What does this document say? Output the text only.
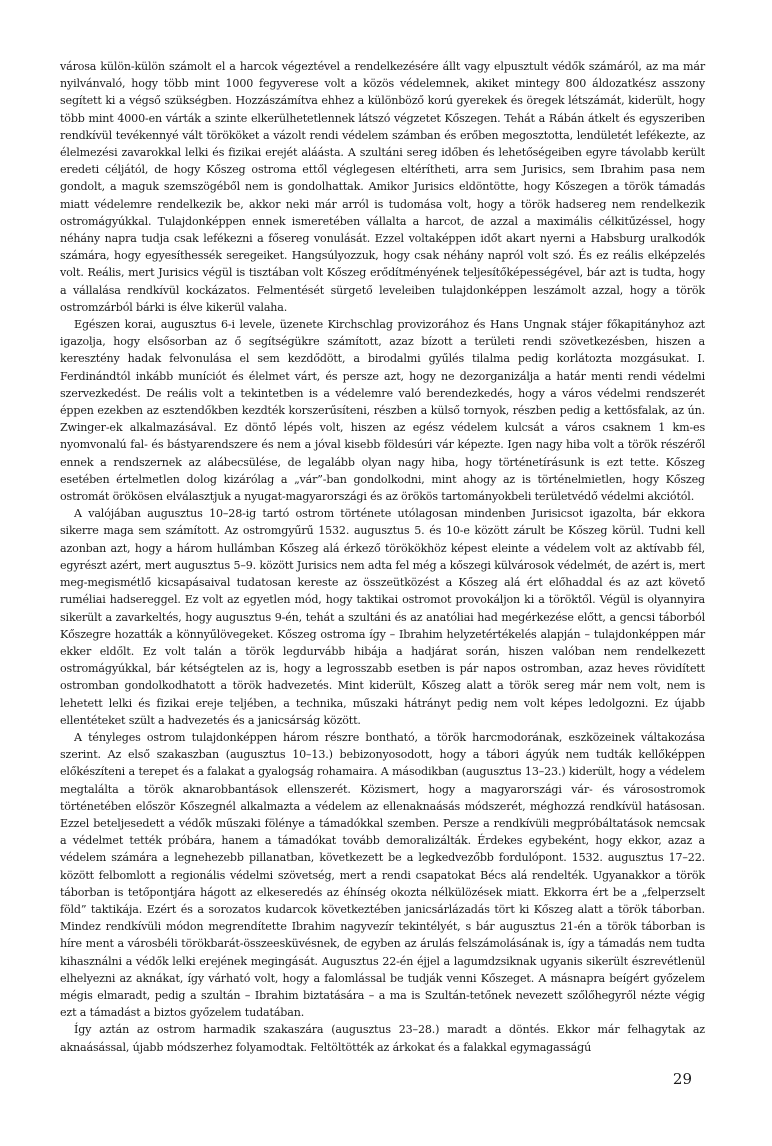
városa külön-külön számolt el a harcok végeztével a rendelkezésére állt vagy elpusztult védők számáról, az ma már nyilvánvaló, hogy több mint 1000 fegyverese volt a közös védelemnek, akiket mintegy 800 áldozatkész asszony segített ki a végső szükségben. Hozzászámítva ehhez a különböző korú gyerekek és öregek létszámát, kiderült, hogy több mint 4000-en várták a szinte elkerülhetetlennek látszó végzetet Kőszegen. Tehát a Rábán átkelt és egyszeriben rendkívül tevékennyé vált törököket a vázolt rendi védelem számban és erőben megosztotta, lendületét lefékezte, az élelmezési zavarokkal lelki és fizikai erejét aláásta. A szultáni sereg időben és lehetőségeiben egyre távolabb került eredeti céljától, de hogy Kőszeg ostroma ettől véglegesen eltérítheti, arra sem Jurisics, sem Ibrahim pasa nem gondolt, a maguk szemszögéből nem is gondolhattak. Amikor Jurisics eldöntötte, hogy Kőszegen a török támadás miatt védelemre rendelkezik be, akkor neki már arról is tudomása volt, hogy a török hadsereg nem rendelkezik ostromágyúkkal. Tulajdonképpen ennek ismeretében vállalta a harcot, de azzal a maximális célkitűzéssel, hogy néhány napra tudja csak lefékezni a fősereg vonulását. Ezzel voltaképpen időt akart nyerni a Habsburg uralkodók számára, hogy egyesíthessék seregeiket. Hangsúlyozzuk, hogy csak néhány napról volt szó. És ez reális elképzelés volt. Reális, mert Jurisics végül is tisztában volt Kőszeg erődítményének teljesítőképességével, bár azt is tudta, hogy a vállalása rendkívül kockázatos. Felmentését sürgető leveleiben tulajdonképpen leszámolt azzal, hogy a török ostromzárból bárki is élve kikerül valaha.

Egészen korai, augusztus 6-i levele, üzenete Kirchschlag provizorához és Hans Ungnak stájer főkapitányhoz azt igazolja, hogy elsősorban az ő segítségükre számított, azaz bízott a területi rendi szövetkezésben, hiszen a keresztény hadak felvonulása el sem kezdődött, a birodalmi gyűlés tilalma pedig korlátozta mozgásukat. I. Ferdinándtól inkább muníciót és élelmet várt, és persze azt, hogy ne dezorganizálja a határ menti rendi védelmi szervezkedést. De reális volt a tekintetben is a védelemre való berendezkedés, hogy a város védelmi rendszerét éppen ezekben az esztendőkben kezdték korszerűsíteni, részben a külső tornyok, részben pedig a kettősfalak, az ún. Zwinger-ek alkalmazásával. Ez döntő lépés volt, hiszen az egész védelem kulcsát a város csaknem 1 km-es nyomvonalú fal- és bástyarendszere és nem a jóval kisebb földesúri vár képezte. Igen nagy hiba volt a török részéről ennek a rendszernek az alábecsülése, de legalább olyan nagy hiba, hogy történetírásunk is ezt tette. Kőszeg esetében értelmetlen dolog kizárólag a „vár”-ban gondolkodni, mint ahogy az is történelmietlen, hogy Kőszeg ostromát örökösen elválasztjuk a nyugat-magyarországi és az örökös tartományokbeli területvédő védelmi akciótól.

A valójában augusztus 10–28-ig tartó ostrom története utólagosan mindenben Jurisicsot igazolta, bár ekkora sikerre maga sem számított. Az ostromgyűrű 1532. augusztus 5. és 10-e között zárult be Kőszeg körül. Tudni kell azonban azt, hogy a három hullámban Kőszeg alá érkező törökökhöz képest eleinte a védelem volt az aktívabb fél, egyrészt azért, mert augusztus 5–9. között Jurisics nem adta fel még a kőszegi külvárosok védelmét, de azért is, mert meg-megismétlő kicsapásaival tudatosan kereste az összeütközést a Kőszeg alá ért előhaddal és az azt követő ruméliai hadsereggel. Ez volt az egyetlen mód, hogy taktikai ostromot provokáljon ki a töröktől. Végül is olyannyira sikerült a zavarkeltés, hogy augusztus 9-én, tehát a szultáni és az anatóliai had megérkezése előtt, a gencsi táborból Kőszegre hozatták a könnyűlövegeket. Kőszeg ostroma így – Ibrahim helyzetértékelés alapján – tulajdonképpen már ekker eldőlt. Ez volt talán a török legdurvább hibája a hadjárat során, hiszen valóban nem rendelkezett ostromágyúkkal, bár kétségtelen az is, hogy a legrosszabb esetben is pár napos ostromban, azaz heves rövidített ostromban gondolkodhatott a török hadvezetés. Mint kiderült, Kőszeg alatt a török sereg már nem volt, nem is lehetett lelki és fizikai ereje teljében, a technika, műszaki hátrányt pedig nem volt képes ledolgozni. Ez újabb ellentéteket szült a hadvezetés és a janicsárság között.

A tényleges ostrom tulajdonképpen három részre bontható, a török harcmodorának, eszközeinek váltakozása szerint. Az első szakaszban (augusztus 10–13.) bebizonyosodott, hogy a tábori ágyúk nem tudták kellőképpen előkészíteni a terepet és a falakat a gyalogság rohamaira. A másodikban (augusztus 13–23.) kiderült, hogy a védelem megtalálta a török aknarobbantások ellenszerét. Közismert, hogy a magyarországi vár- és városostromok történetében először Kőszegnél alkalmazta a védelem az ellenaknaásás módszerét, méghozzá rendkívül hatásosan. Ezzel beteljesedett a védők műszaki fölénye a támadókkal szemben. Persze a rendkívüli megpróbáltatások nemcsak a védelmet tették próbára, hanem a támadókat tovább demoralizálták. Érdekes egybeként, hogy ekkor, azaz a védelem számára a legnehezebb pillanatban, következett be a legkedvezőbb fordulópont. 1532. augusztus 17–22. között felbomlott a regionális védelmi szövetség, mert a rendi csapatokat Bécs alá rendelték. Ugyanakkor a török táborban is tetőpontjára hágott az elkeseredés az éhínség okozta nélkülözések miatt. Ekkorra ért be a „felperzselt föld” taktikája. Ezért és a sorozatos kudarcok következtében janicsárlázadás tört ki Kőszeg alatt a török táborban. Mindez rendkívüli módon megrendítette Ibrahim nagyvezír tekintélyét, s bár augusztus 21-én a török táborban is híre ment a városbéli törökbarát-összeesküvésnek, de egyben az árulás felszámolásának is, így a támadás nem tudta kihasználni a védők lelki erejének megingását. Augusztus 22-én éjjel a lagumdzsiknak ugyanis sikerült észrevétlenül elhelyezni az aknákat, így várható volt, hogy a falomlással be tudják venni Kőszeget. A másnapra beígért győzelem mégis elmaradt, pedig a szultán – Ibrahim biztatására – a ma is Szultán-tetőnek nevezett szőlőhegyről nézte végig ezt a támadást a biztos győzelem tudatában.

Így aztán az ostrom harmadik szakaszára (augusztus 23–28.) maradt a döntés. Ekkor már felhagytak az aknaásással, újabb módszerhez folyamodtak. Feltöltötték az árkokat és a falakkal egymagasságú

29
